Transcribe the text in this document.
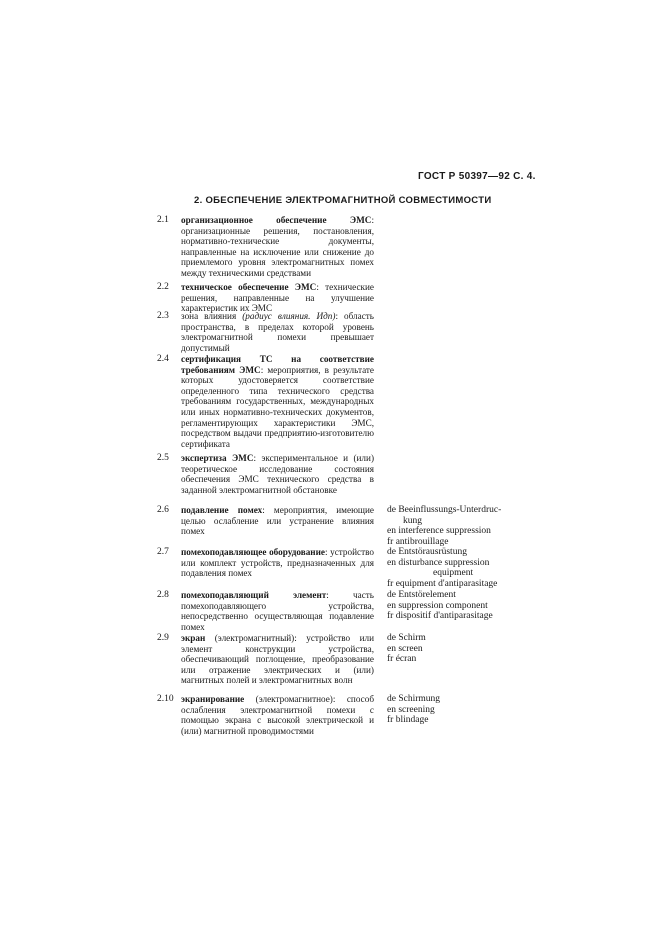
ГОСТ Р 50397—92 С. 4.
2. ОБЕСПЕЧЕНИЕ ЭЛЕКТРОМАГНИТНОЙ СОВМЕСТИМОСТИ
2.1 организационное обеспечение ЭМС: организационные решения, постановления, нормативно-технические документы, направленные на исключение или снижение до приемлемого уровня электромагнитных помех между техническими средствами
2.2 техническое обеспечение ЭМС: технические решения, направленные на улучшение характеристик их ЭМС
2.3 зона влияния (радиус влияния. Идп): область пространства, в пределах которой уровень электромагнитной помехи превышает допустимый
2.4 сертификация ТС на соответствие требованиям ЭМС: мероприятия, в результате которых удостоверяется соответствие определенного типа технического средства требованиям государственных, международных или иных нормативно-технических документов, регламентирующих характеристики ЭМС, посредством выдачи предприятию-изготовителю сертификата
2.5 экспертиза ЭМС: экспериментальное и (или) теоретическое исследование состояния обеспечения ЭМС технического средства в заданной электромагнитной обстановке
2.6 подавление помех: мероприятия, имеющие целью ослабление или устранение влияния помех
de Beeinflussungs-Unterdruc-
kung
en interference suppression
fr antibrouillage
2.7 помехоподавляющее оборудование: устройство или комплект устройств, предназначенных для подавления помех
de Entstörausrüstung
en disturbance suppression
equipment
fr equipment d'antiparasitage
2.8 помехоподавляющий элемент: часть помехоподавляющего устройства, непосредственно осуществляющая подавление помех
de Entstörelement
en suppression component
fr dispositif d'antiparasitage
2.9 экран (электромагнитный): устройство или элемент конструкции устройства, обеспечивающий поглощение, преобразование или отражение электрических и (или) магнитных полей и электромагнитных волн
de Schirm
en screen
fr écran
2.10 экранирование (электромагнитное): способ ослабления электромагнитной помехи с помощью экрана с высокой электрической и (или) магнитной проводимостями
de Schirmung
en screening
fr blindage
